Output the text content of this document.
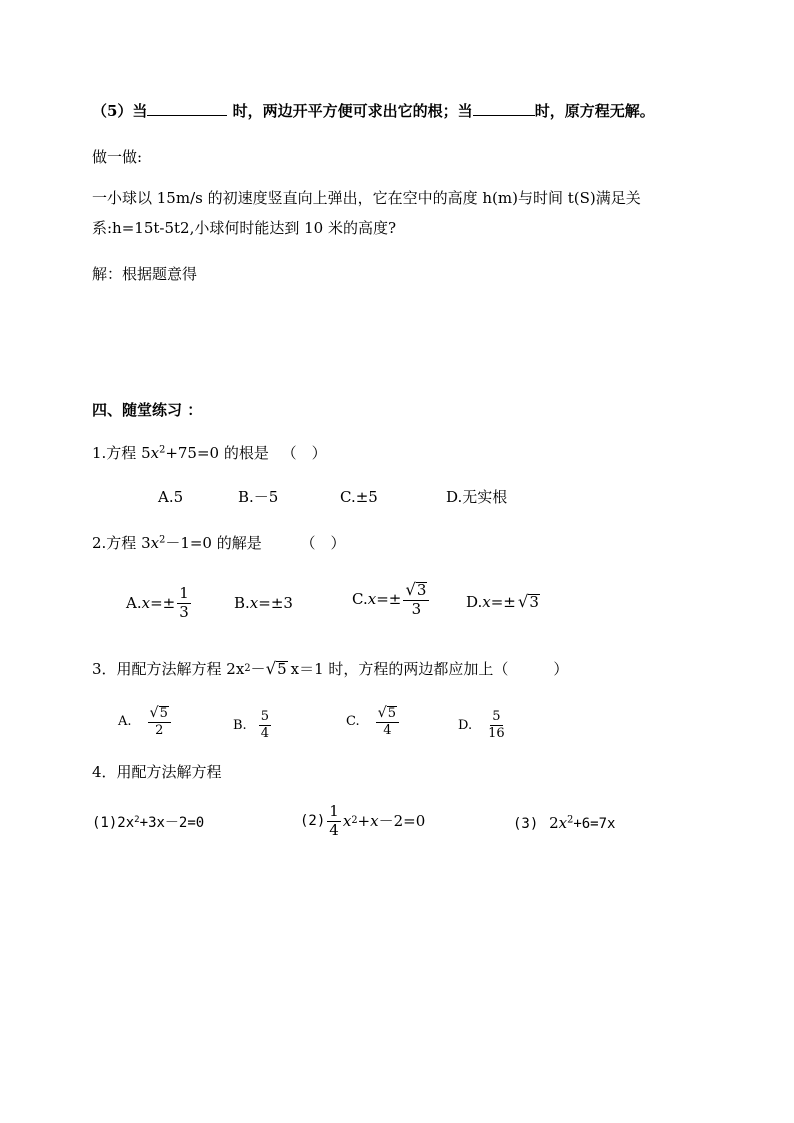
（5）当	时，两边开平方便可求出它的根；当	时，原方程无解。
做一做:
一小球以 15m/s 的初速度竖直向上弹出，它在空中的高度 h(m)与时间 t(S)满足关
系:h=15t-5t2,小球何时能达到 10 米的高度?
解：根据题意得
四、随堂练习 ：
1.方程 $5x^2+75=0$ 的根是 （　）
A.5	B.－5	C.±5	D.无实根
2.方程 $3x^2-1=0$ 的解是	（　）
A. $x =\pm \frac{1}{3}$	B.x=±3	C. $x =\pm \frac{√ 3}{3} D$. x =± √ 3
3．用配方法解方程 2x 2 － √ 5 x＝1 时，方程的两边都应加上（　　　）
A. $\frac{√ 5}{2}$	B. $\frac{5}{4}$	C. $\frac{√ 5}{4}$	D. $\frac{5}{16}$
4．用配方法解方程
$(1)2x^2+3x-2=0$	$(2) \frac{1}{4}$ x 2 + x －2=0	(3) $2x^2+6=7x$
